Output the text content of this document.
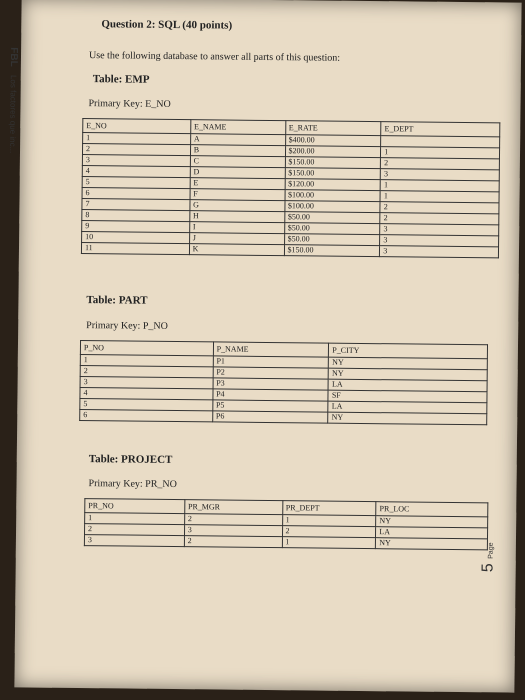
FBL Los factores que inc...
Question 2: SQL (40 points)
Use the following database to answer all parts of this question:
Table: EMP
Primary Key: E_NO
E_NO	E_NAME	E_RATE	E_DEPT
1	A	$400.00	
2	B	$200.00	1
3	C	$150.00	2
4	D	$150.00	3
5	E	$120.00	1
6	F	$100.00	1
7	G	$100.00	2
8	H	$50.00	2
9	I	$50.00	3
10	J	$50.00	3
11	K	$150.00	3
Table: PART
Primary Key: P_NO
P_NO	P_NAME	P_CITY
1	P1	NY
2	P2	NY
3	P3	LA
4	P4	SF
5	P5	LA
6	P6	NY
Table: PROJECT
Primary Key: PR_NO
PR_NO	PR_MGR	PR_DEPT	PR_LOC
1	2	1	NY
2	3	2	LA
3	2	1	NY
5 Page
